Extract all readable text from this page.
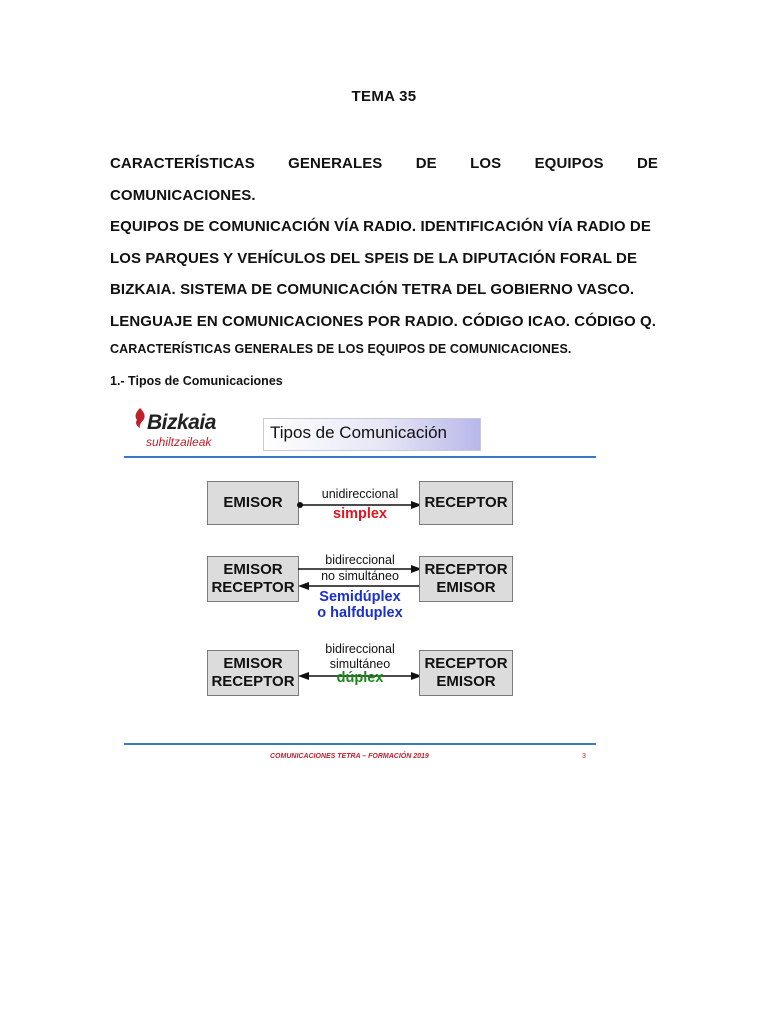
TEMA 35
CARACTERÍSTICAS GENERALES DE LOS EQUIPOS DE COMUNICACIONES.
EQUIPOS DE COMUNICACIÓN VÍA RADIO. IDENTIFICACIÓN VÍA RADIO DE
LOS PARQUES Y VEHÍCULOS DEL SPEIS DE LA DIPUTACIÓN FORAL DE
BIZKAIA. SISTEMA DE COMUNICACIÓN TETRA DEL GOBIERNO VASCO.
LENGUAJE EN COMUNICACIONES POR RADIO. CÓDIGO ICAO. CÓDIGO Q.
CARACTERÍSTICAS GENERALES DE LOS EQUIPOS DE COMUNICACIONES.
1.- Tipos de Comunicaciones
Bizkaia
suhiltzaileak	Tipos de Comunicación
EMISOR	unidireccional
simplex
RECEPTOR
EMISOR
RECEPTOR
bidireccional
no simultáneo
Semidúplex
o halfduplex
RECEPTOR
EMISOR
EMISOR
RECEPTOR
bidireccional
simultáneo
dúplex
RECEPTOR
EMISOR
COMUNICACIONES TETRA – FORMACIÓN 2019	3
